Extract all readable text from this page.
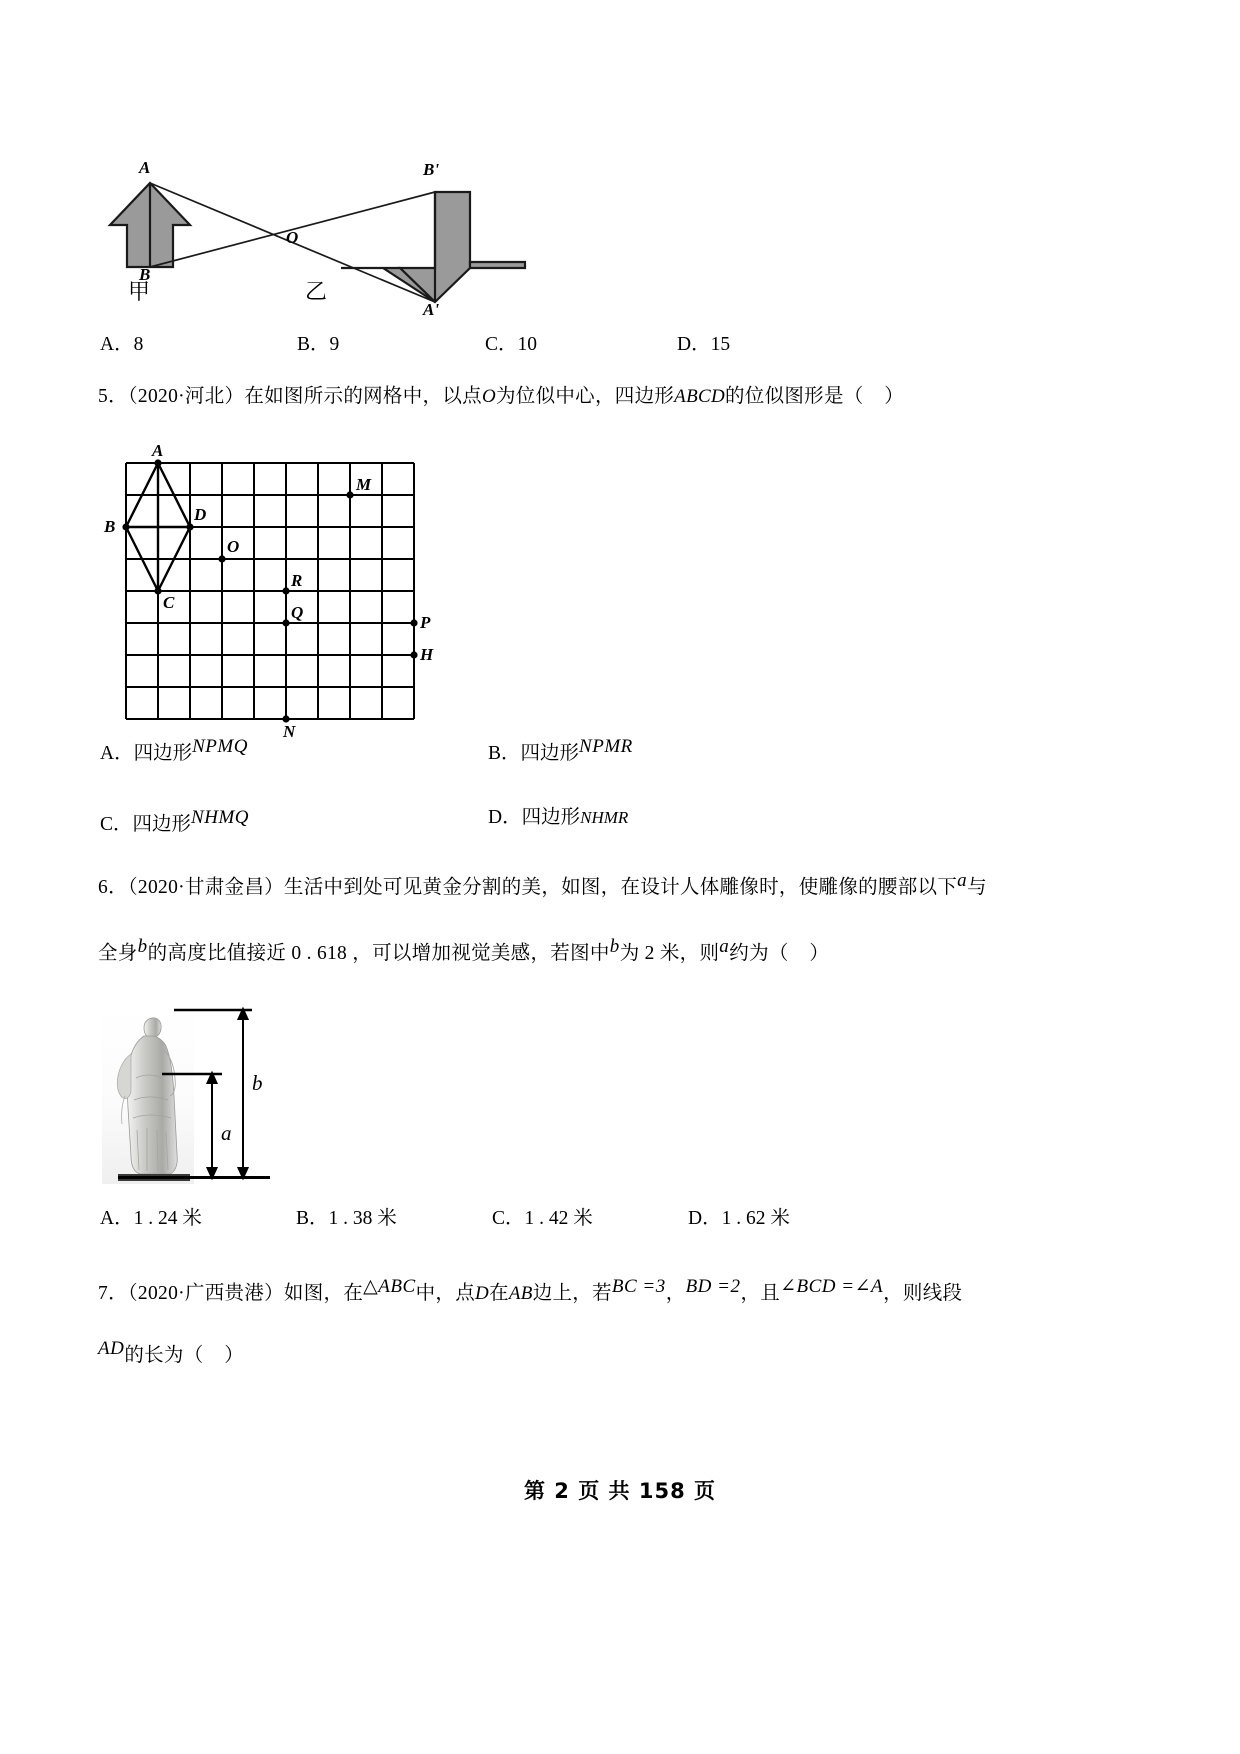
A
B
O
A'
B'
甲	乙
A．8	B．9	C．10	D．15
5．（2020·河北）在如图所示的网格中，以点O为位似中心，四边形ABCD的位似图形是（ ）
A
B
C
D
O
M
R
Q
P
H
N
A．四边形NPMQ	B．四边形NPMR
C．四边形NHMQ	D．四边形NHMR
6．（2020·甘肃金昌）生活中到处可见黄金分割的美，如图，在设计人体雕像时，使雕像的腰部以下a与
全身b的高度比值接近 0 . 618 ，可以增加视觉美感，若图中b为 2 米，则a约为（ ）
b
a
A．1 . 24 米	B．1 . 38 米	C．1 . 42 米	D．1 . 62 米
7．（2020·广西贵港）如图，在△ABC中，点D在AB边上，若BC =3，BD =2，且∠BCD =∠A，则线段
AD的长为（ ）
第 2 页 共 158 页
